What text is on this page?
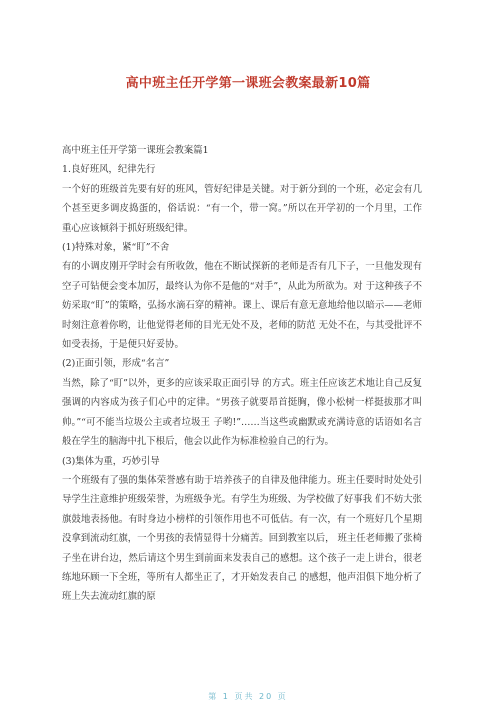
高中班主任开学第一课班会教案最新10篇

高中班主任开学第一课班会教案篇1

1.良好班风，纪律先行

一个好的班级首先要有好的班风，管好纪律是关键。对于新分到的一个班，必定会有几个甚至更多调皮捣蛋的，俗话说：“有一个，带一窝。”所以在开学初的一个月里，工作重心应该倾斜于抓好班级纪律。

(1)特殊对象，紧“盯”不舍

有的小调皮刚开学时会有所收敛，他在不断试探新的老师是否有几下子，一旦他发现有空子可钻便会变本加厉，最终认为你不是他的“对手”，从此为所欲为。对 于这种孩子不妨采取“盯”的策略，弘扬水滴石穿的精神。课上、课后有意无意地给他以暗示——老师时刻注意着你哟，让他觉得老师的目光无处不及，老师的防范 无处不在，与其受批评不如受表扬，于是便只好妥协。

(2)正面引领，形成“名言”

当然，除了“盯”以外，更多的应该采取正面引导 的方式。班主任应该艺术地让自己反复强调的内容成为孩子们心中的定律。“男孩子就要昂首挺胸，像小松树一样挺拔那才叫帅。”“可不能当垃圾公主或者垃圾王 子哟!”……当这些或幽默或充满诗意的话语如名言般在学生的脑海中扎下根后，他会以此作为标准检验自己的行为。

(3)集体为重，巧妙引导

一个班级有了强的集体荣誉感有助于培养孩子的自律及他律能力。班主任要时时处处引导学生注意维护班级荣誉，为班级争光。有学生为班级、为学校做了好事我 们不妨大张旗鼓地表扬他。有时身边小榜样的引领作用也不可低估。有一次，有一个班好几个星期没拿到流动红旗，一个男孩的表情显得十分痛苦。回到教室以后， 班主任老师搬了张椅子坐在讲台边，然后请这个男生到前面来发表自己的感想。这个孩子一走上讲台，很老练地环顾一下全班，等所有人都坐正了，才开始发表自己 的感想，他声泪俱下地分析了班上失去流动红旗的原

第 1 页共 20 页
